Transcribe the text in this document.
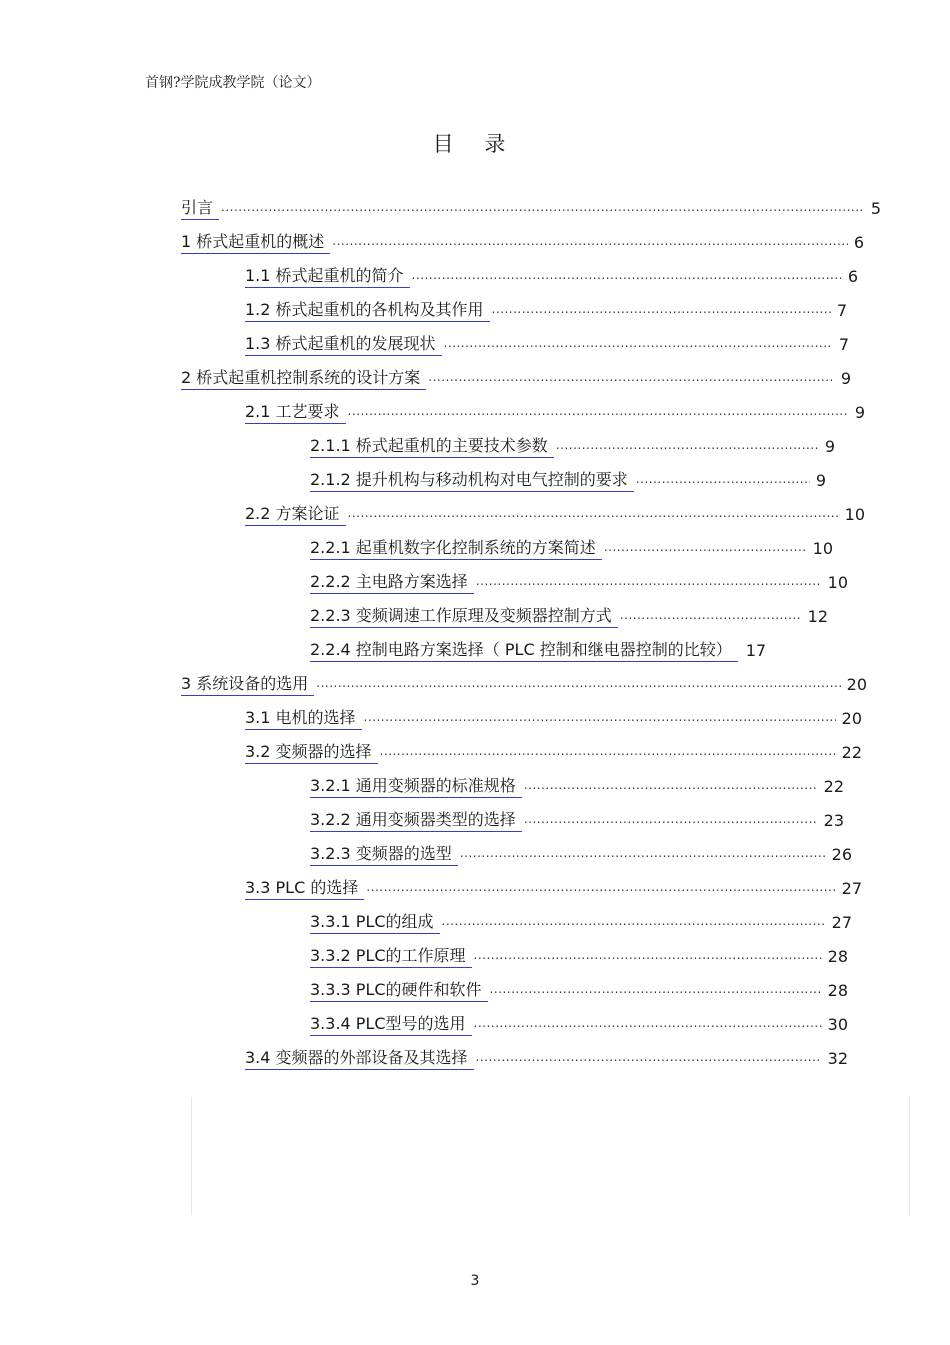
首钢?学院成教学院（论文）
目 录
引言 .....	5
1 桥式起重机的概述 .....	6
1.1 桥式起重机的简介 .....	6
1.2 桥式起重机的各机构及其作用 .....	7
1.3 桥式起重机的发展现状 .....	7
2 桥式起重机控制系统的设计方案 .....	9
2.1 工艺要求 .....	9
2.1.1 桥式起重机的主要技术参数 .....	9
2.1.2 提升机构与移动机构对电气控制的要求 .....	9
2.2 方案论证 .....	10
2.2.1 起重机数字化控制系统的方案简述 .....	10
2.2.2 主电路方案选择 .....	10
2.2.3 变频调速工作原理及变频器控制方式 .....	12
2.2.4 控制电路方案选择（ PLC 控制和继电器控制的比较） 17
3 系统设备的选用 .....	20
3.1 电机的选择 .....	20
3.2 变频器的选择 .....	22
3.2.1 通用变频器的标准规格 .....	22
3.2.2 通用变频器类型的选择 .....	23
3.2.3 变频器的选型 .....	26
3.3 PLC 的选择 .....	27
3.3.1 PLC的组成 .....	27
3.3.2 PLC的工作原理 .....	28
3.3.3 PLC的硬件和软件 .....	28
3.3.4 PLC型号的选用 .....	30
3.4 变频器的外部设备及其选择 .....	32
3
